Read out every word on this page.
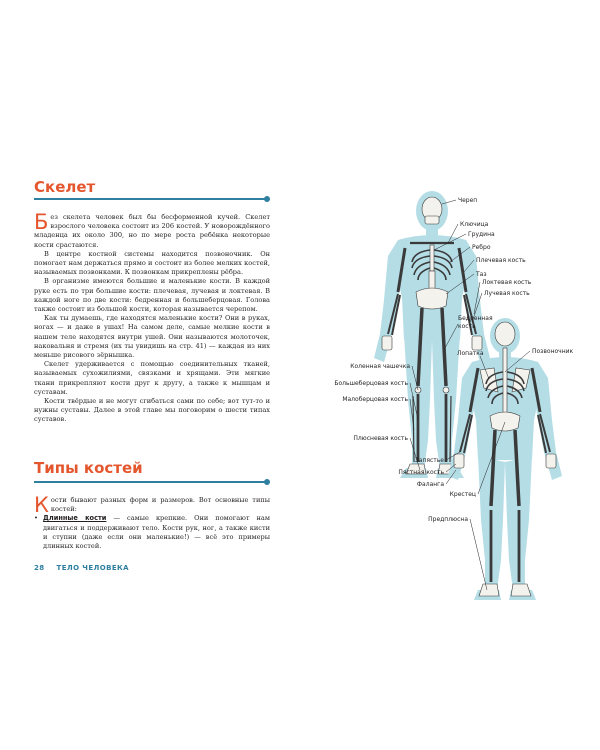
Скелет

Без скелета человек был бы бесформенной кучей. Скелет взрослого человека состоит из 206 костей. У новорождённого младенца их около 300, но по мере роста ребёнка некоторые кости срастаются.

В центре костной системы находится позвоночник. Он помогает нам держаться прямо и состоит из более мелких костей, называемых позвонками. К позвонкам прикреплены рёбра.

В организме имеются большие и маленькие кости. В каждой руке есть по три большие кости: плечевая, лучевая и локтевая. В каждой ноге по две кости: бедренная и большеберцовая. Голова также состоит из большой кости, которая называется черепом.

Как ты думаешь, где находятся маленькие кости? Они в руках, ногах — и даже в ушах! На самом деле, самые мелкие кости в нашем теле находятся внутри ушей. Они называются молоточек, наковальня и стремя (их ты увидишь на стр. 41) — каждая из них меньше рисового зёрнышка.

Скелет удерживается с помощью соединительных тканей, называемых сухожилиями, связками и хрящами. Эти мягкие ткани прикрепляют кости друг к другу, а также к мышцам и суставам.

Кости твёрдые и не могут сгибаться сами по себе; вот тут-то и нужны суставы. Далее в этой главе мы поговорим о шести типах суставов.

Типы костей

Кости бывают разных форм и размеров. Вот основные типы костей:

• Длинные кости — самые крепкие. Они помогают нам двигаться и поддерживают тело. Кости рук, ног, а также кисти и ступни (даже если они маленькие!) — всё это примеры длинных костей.
28 ТЕЛО ЧЕЛОВЕКА
Череп
Ключица
Грудина
Ребро
Плечевая кость
Таз
Локтевая кость
Лучевая кость
Бедренная
кость
Лопатка	Позвоночник
Коленная чашечка
Большеберцовая кость
Малоберцовая кость
Плюсневая кость
Запястье
Пястная кость
Фаланга
Крестец
Предплюсна
